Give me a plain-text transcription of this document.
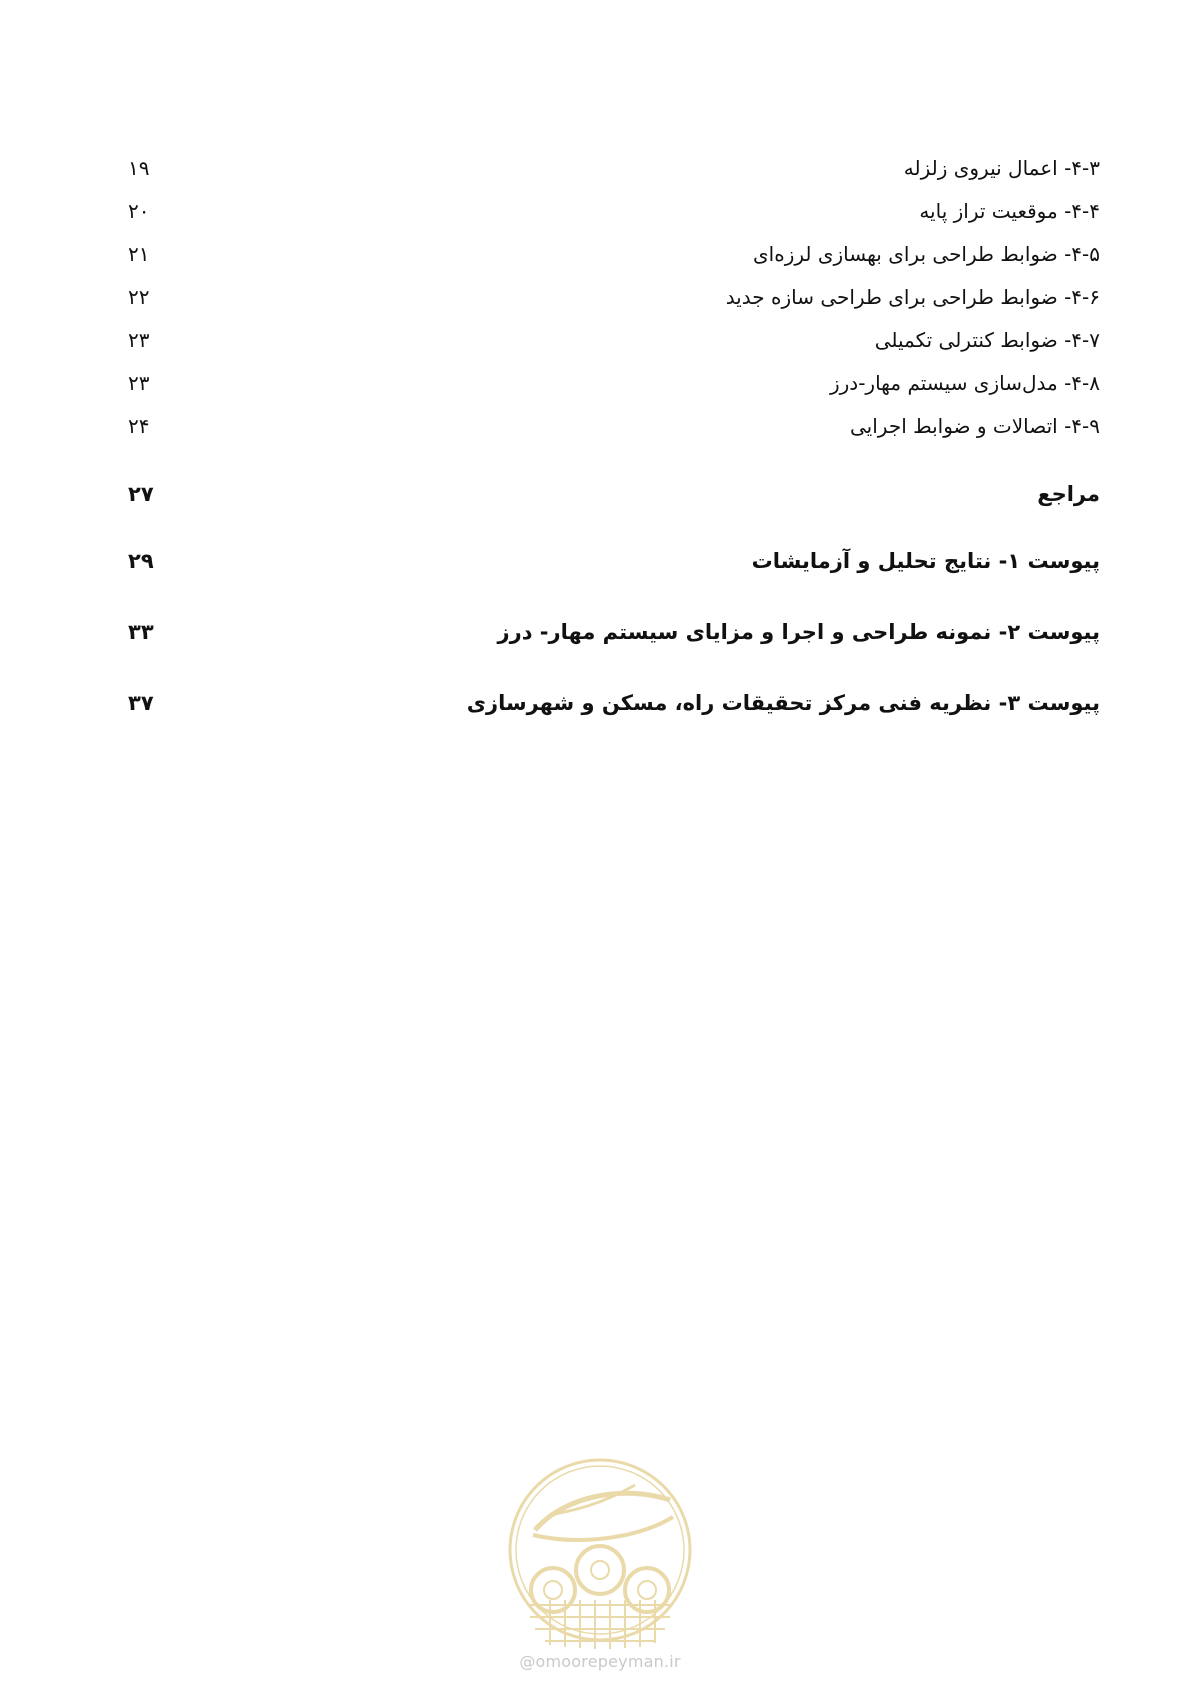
۴-۳- اعمال نیروی زلزله
۱۹
۴-۴- موقعیت تراز پایه
۲۰
۴-۵- ضوابط طراحی برای بهسازی لرزه‌ای
۲۱
۴-۶- ضوابط طراحی برای طراحی سازه جدید
۲۲
۴-۷- ضوابط کنترلی تکمیلی
۲۳
۴-۸- مدل‌سازی سیستم مهار-درز
۲۳
۴-۹- اتصالات و ضوابط اجرایی
۲۴
مراجع
۲۷
پیوست ۱- نتایج تحلیل و آزمایشات
۲۹
پیوست ۲- نمونه طراحی و اجرا و مزایای سیستم مهار- درز
۳۳
پیوست ۳- نظریه فنی مرکز تحقیقات راه، مسکن و شهرسازی
۳۷
@omoorepeyman.ir
